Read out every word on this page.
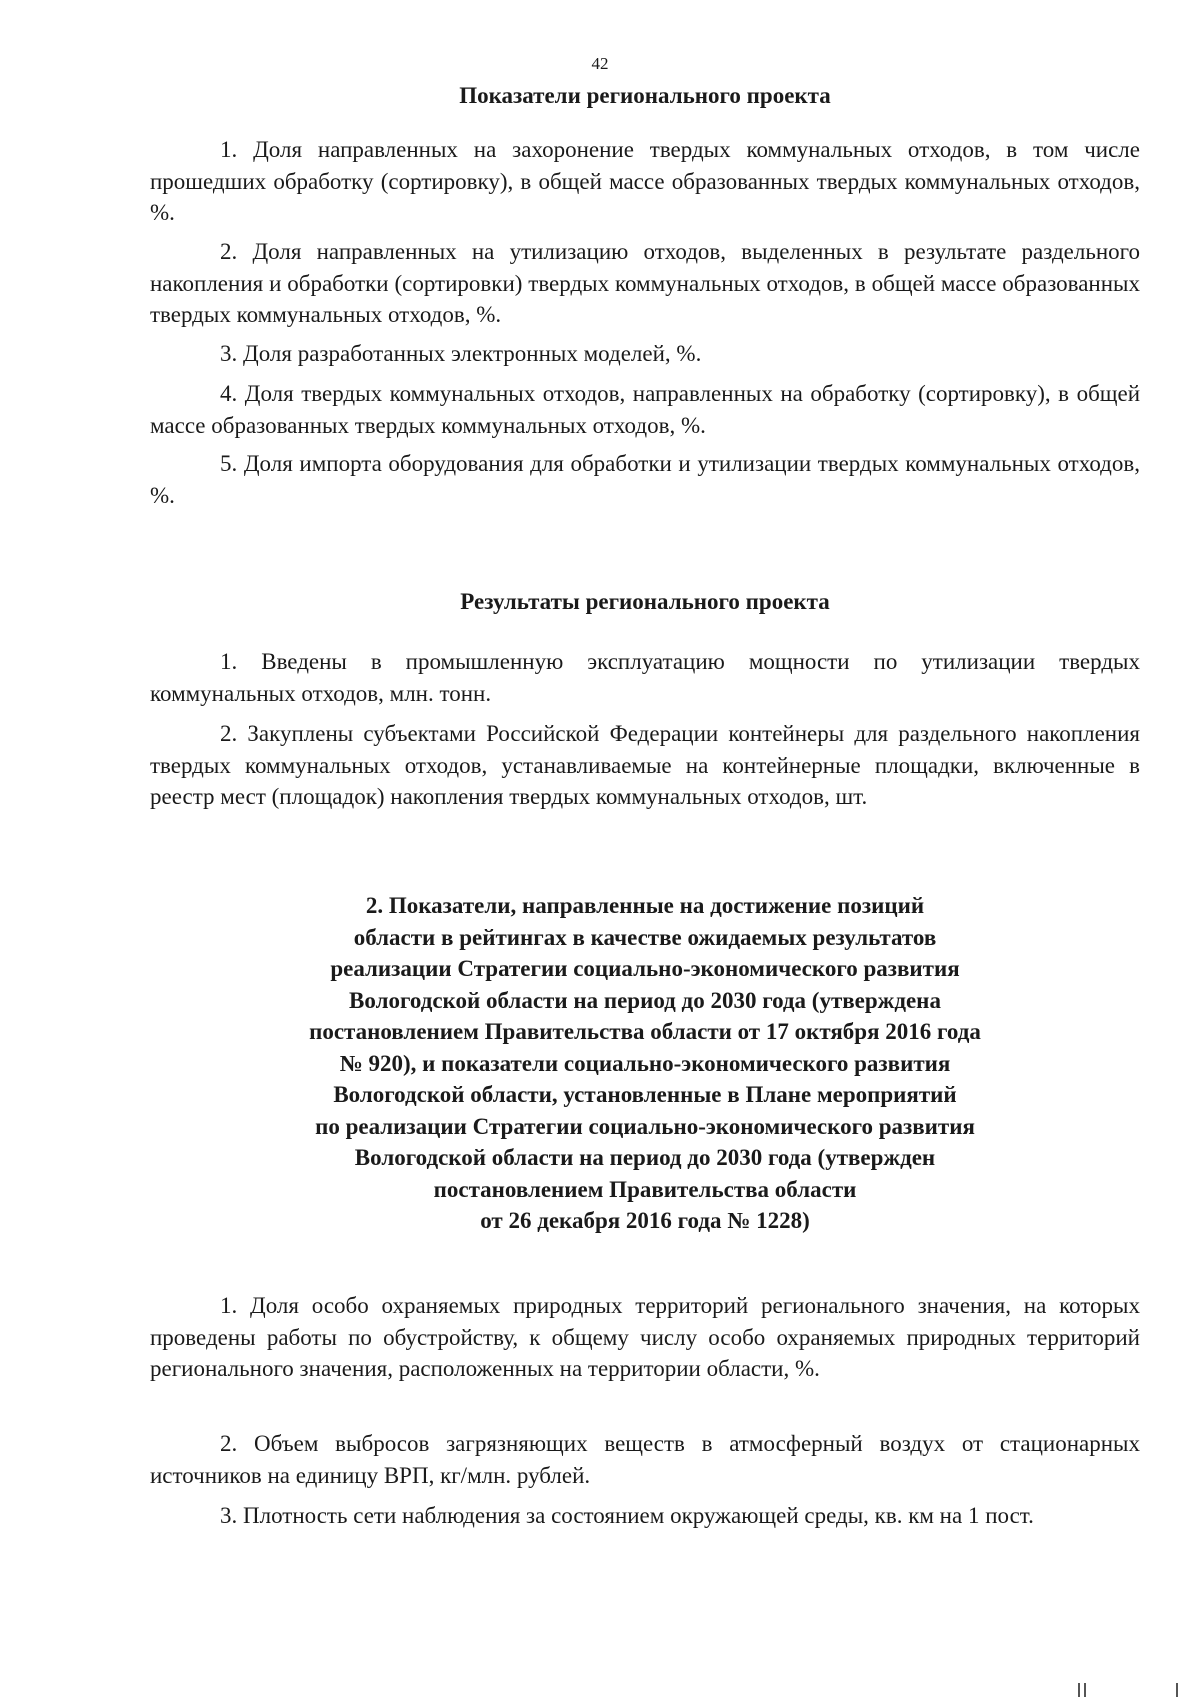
42
Показатели регионального проекта

1. Доля направленных на захоронение твердых коммунальных отходов, в том числе прошедших обработку (сортировку), в общей массе образованных твердых коммунальных отходов, %.

2. Доля направленных на утилизацию отходов, выделенных в результате раздельного накопления и обработки (сортировки) твердых коммунальных отходов, в общей массе образованных твердых коммунальных отходов, %.

3. Доля разработанных электронных моделей, %.

4. Доля твердых коммунальных отходов, направленных на обработку (сортировку), в общей массе образованных твердых коммунальных отходов, %.

5. Доля импорта оборудования для обработки и утилизации твердых коммунальных отходов, %.

Результаты регионального проекта

1. Введены в промышленную эксплуатацию мощности по утилизации твердых коммунальных отходов, млн. тонн.

2. Закуплены субъектами Российской Федерации контейнеры для раздельного накопления твердых коммунальных отходов, устанавливаемые на контейнерные площадки, включенные в реестр мест (площадок) накопления твердых коммунальных отходов, шт.

2. Показатели, направленные на достижение позиций
области в рейтингах в качестве ожидаемых результатов
реализации Стратегии социально-экономического развития
Вологодской области на период до 2030 года (утверждена
постановлением Правительства области от 17 октября 2016 года
№ 920), и показатели социально-экономического развития
Вологодской области, установленные в Плане мероприятий
по реализации Стратегии социально-экономического развития
Вологодской области на период до 2030 года (утвержден
постановлением Правительства области
от 26 декабря 2016 года № 1228)

1. Доля особо охраняемых природных территорий регионального значения, на которых проведены работы по обустройству, к общему числу особо охраняемых природных территорий регионального значения, расположенных на территории области, %.

2. Объем выбросов загрязняющих веществ в атмосферный воздух от стационарных источников на единицу ВРП, кг/млн. рублей.

3. Плотность сети наблюдения за состоянием окружающей среды, кв. км на 1 пост.
